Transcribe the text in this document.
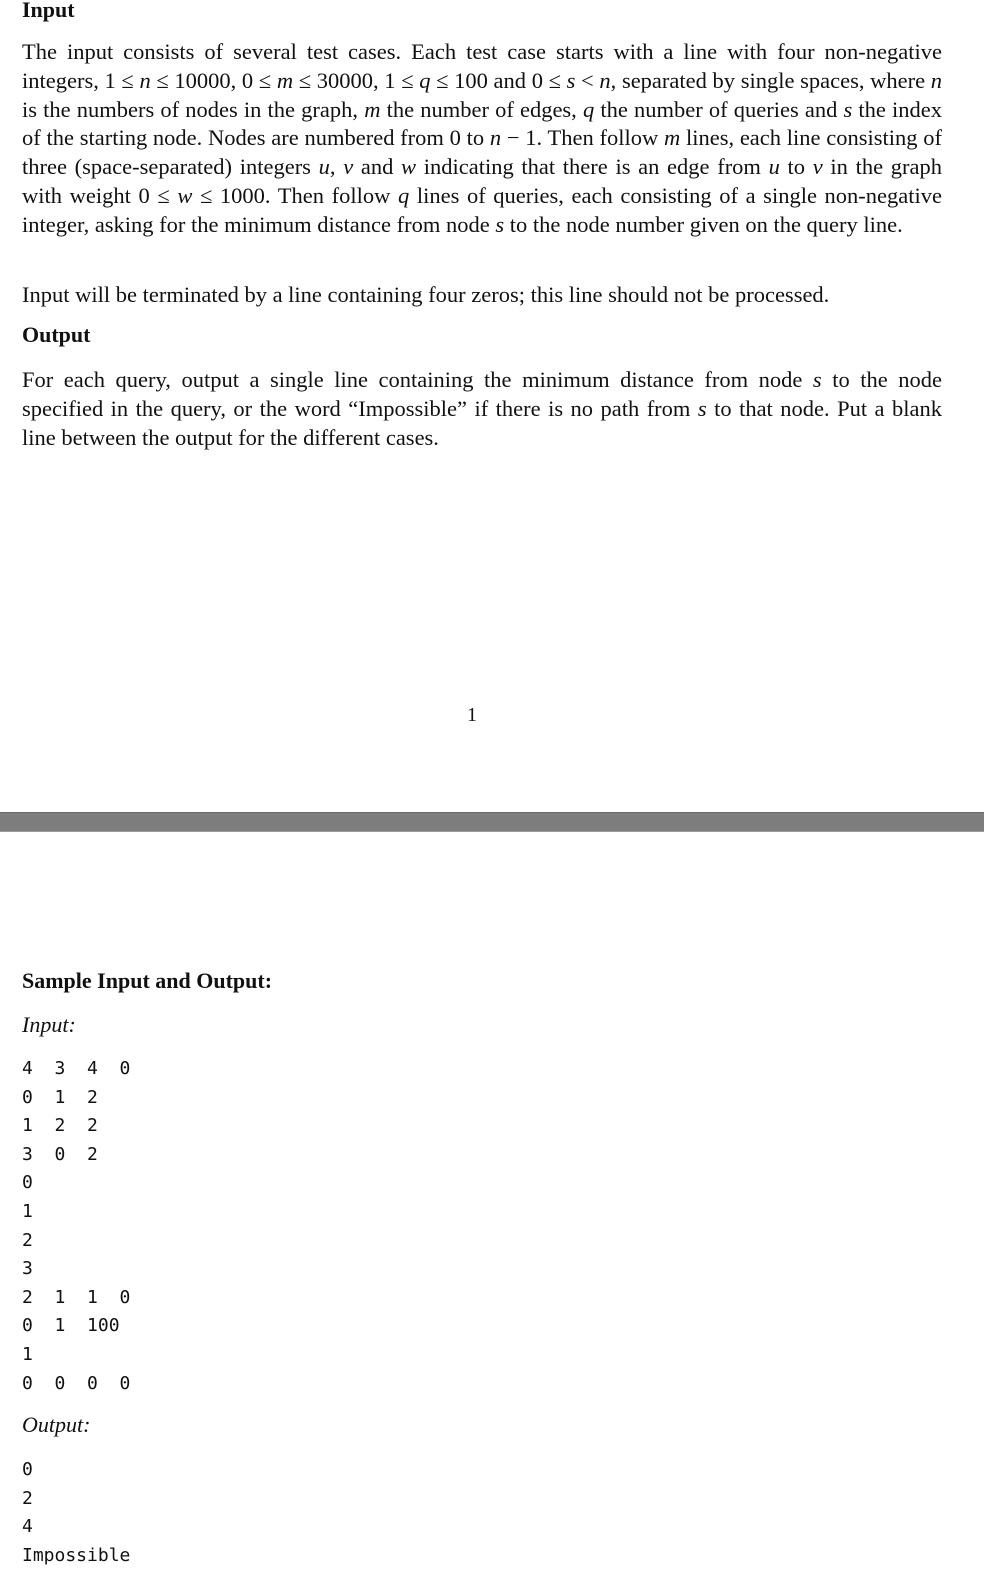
Input

The input consists of several test cases. Each test case starts with a line with four non-negative integers, 1 ≤ n ≤ 10000, 0 ≤ m ≤ 30000, 1 ≤ q ≤ 100 and 0 ≤ s < n, separated by single spaces, where n is the numbers of nodes in the graph, m the number of edges, q the number of queries and s the index of the starting node. Nodes are numbered from 0 to n − 1. Then follow m lines, each line consisting of three (space-separated) integers u, v and w indicating that there is an edge from u to v in the graph with weight 0 ≤ w ≤ 1000. Then follow q lines of queries, each consisting of a single non-negative integer, asking for the minimum distance from node s to the node number given on the query line.

Input will be terminated by a line containing four zeros; this line should not be processed.

Output

For each query, output a single line containing the minimum distance from node s to the node specified in the query, or the word “Impossible” if there is no path from s to that node. Put a blank line between the output for the different cases.

1
Sample Input and Output:
Input:
4  3  4  0
0  1  2
1  2  2
3  0  2
0
1
2
3
2  1  1  0
0  1  100
1
0  0  0  0
Output:
0
2
4
Impossible
